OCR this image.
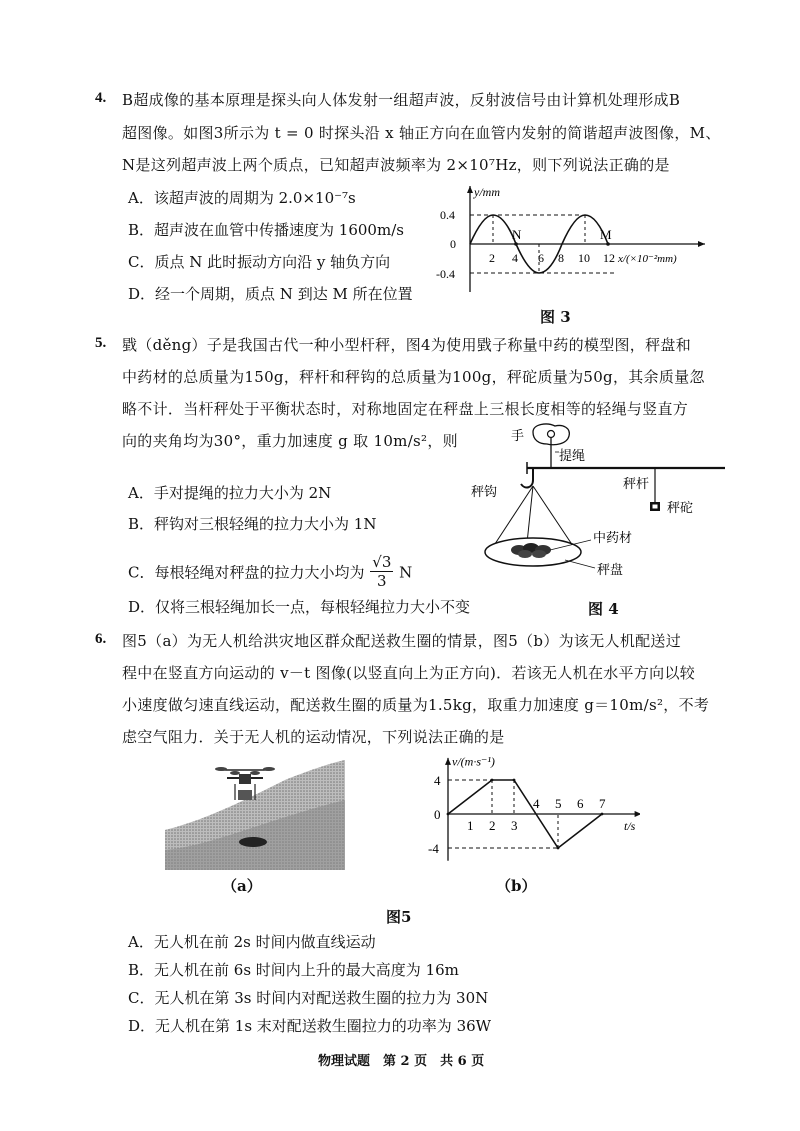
4. B超成像的基本原理是探头向人体发射一组超声波，反射波信号由计算机处理形成B
超图像。如图3所示为 t = 0 时探头沿 x 轴正方向在血管内发射的简谐超声波图像，M、
N是这列超声波上两个质点，已知超声波频率为 2×10⁷Hz，则下列说法正确的是
A．该超声波的周期为 2.0×10⁻⁷s
B．超声波在血管中传播速度为 1600m/s
C．质点 N 此时振动方向沿 y 轴负方向
D．经一个周期，质点 N 到达 M 所在位置
y/mm
0.4
0
-0.4
2 4 6 8 10 12 x/(×10⁻²mm)
N	M
图 3
5. 戥（děng）子是我国古代一种小型杆秤，图4为使用戥子称量中药的模型图，秤盘和
中药材的总质量为150g，秤杆和秤钩的总质量为100g，秤砣质量为50g，其余质量忽
略不计．当杆秤处于平衡状态时，对称地固定在秤盘上三根长度相等的轻绳与竖直方
向的夹角均为30°，重力加速度 g 取 10m/s²，则
A．手对提绳的拉力大小为 2N
B．秤钩对三根轻绳的拉力大小为 1N
C．每根轻绳对秤盘的拉力大小均为 $\frac{√3}{3}$ N
D．仅将三根轻绳加长一点，每根轻绳拉力大小不变
手
提绳
秤杆
秤钩
秤砣
中药材
秤盘
图 4
6. 图5（a）为无人机给洪灾地区群众配送救生圈的情景，图5（b）为该无人机配送过
程中在竖直方向运动的 v－t 图像(以竖直向上为正方向)．若该无人机在水平方向以较
小速度做匀速直线运动，配送救生圈的质量为1.5kg，取重力加速度 g＝10m/s²，不考
虑空气阻力．关于无人机的运动情况，下列说法正确的是
（a）
1 2 3
4 5 6 7
4
0
-4
v/(m·s⁻¹)
t/s
（b）
图5
A．无人机在前 2s 时间内做直线运动
B．无人机在前 6s 时间内上升的最大高度为 16m
C．无人机在第 3s 时间内对配送救生圈的拉力为 30N
D．无人机在第 1s 末对配送救生圈拉力的功率为 36W
物理试题　第 2 页　共 6 页
